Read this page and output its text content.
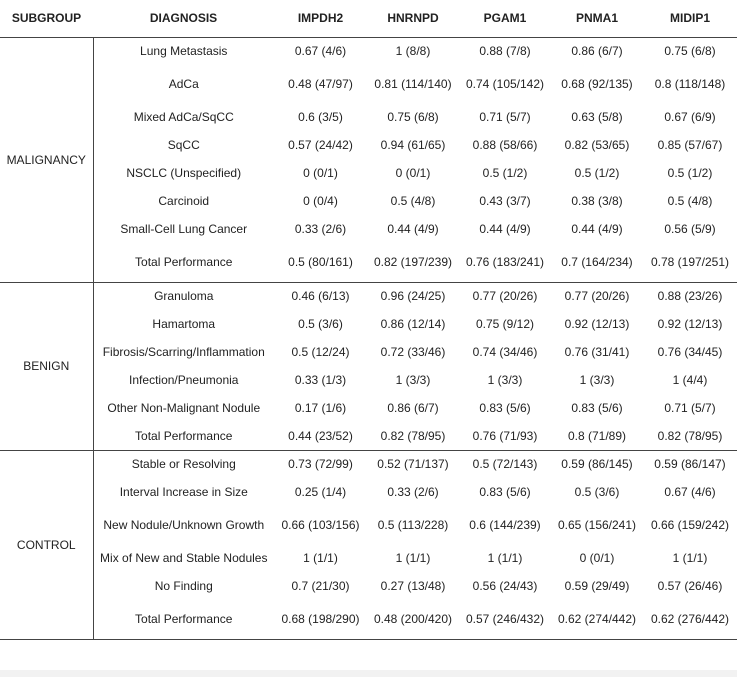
SUBGROUP	DIAGNOSIS	IMPDH2	HNRNPD	PGAM1	PNMA1	MIDIP1
MALIGNANCY	Lung Metastasis	0.67 (4/6)	1 (8/8)	0.88 (7/8)	0.86 (6/7)	0.75 (6/8)
	AdCa	0.48 (47/97)	0.81 (114/140)	0.74 (105/142)	0.68 (92/135)	0.8 (118/148)
	Mixed AdCa/SqCC	0.6 (3/5)	0.75 (6/8)	0.71 (5/7)	0.63 (5/8)	0.67 (6/9)
	SqCC	0.57 (24/42)	0.94 (61/65)	0.88 (58/66)	0.82 (53/65)	0.85 (57/67)
	NSCLC (Unspecified)	0 (0/1)	0 (0/1)	0.5 (1/2)	0.5 (1/2)	0.5 (1/2)
	Carcinoid	0 (0/4)	0.5 (4/8)	0.43 (3/7)	0.38 (3/8)	0.5 (4/8)
	Small-Cell Lung Cancer	0.33 (2/6)	0.44 (4/9)	0.44 (4/9)	0.44 (4/9)	0.56 (5/9)
	Total Performance	0.5 (80/161)	0.82 (197/239)	0.76 (183/241)	0.7 (164/234)	0.78 (197/251)
BENIGN	Granuloma	0.46 (6/13)	0.96 (24/25)	0.77 (20/26)	0.77 (20/26)	0.88 (23/26)
	Hamartoma	0.5 (3/6)	0.86 (12/14)	0.75 (9/12)	0.92 (12/13)	0.92 (12/13)
	Fibrosis/Scarring/Inflammation	0.5 (12/24)	0.72 (33/46)	0.74 (34/46)	0.76 (31/41)	0.76 (34/45)
	Infection/Pneumonia	0.33 (1/3)	1 (3/3)	1 (3/3)	1 (3/3)	1 (4/4)
	Other Non-Malignant Nodule	0.17 (1/6)	0.86 (6/7)	0.83 (5/6)	0.83 (5/6)	0.71 (5/7)
	Total Performance	0.44 (23/52)	0.82 (78/95)	0.76 (71/93)	0.8 (71/89)	0.82 (78/95)
CONTROL	Stable or Resolving	0.73 (72/99)	0.52 (71/137)	0.5 (72/143)	0.59 (86/145)	0.59 (86/147)
	Interval Increase in Size	0.25 (1/4)	0.33 (2/6)	0.83 (5/6)	0.5 (3/6)	0.67 (4/6)
	New Nodule/Unknown Growth	0.66 (103/156)	0.5 (113/228)	0.6 (144/239)	0.65 (156/241)	0.66 (159/242)
	Mix of New and Stable Nodules	1 (1/1)	1 (1/1)	1 (1/1)	0 (0/1)	1 (1/1)
	No Finding	0.7 (21/30)	0.27 (13/48)	0.56 (24/43)	0.59 (29/49)	0.57 (26/46)
	Total Performance	0.68 (198/290)	0.48 (200/420)	0.57 (246/432)	0.62 (274/442)	0.62 (276/442)
